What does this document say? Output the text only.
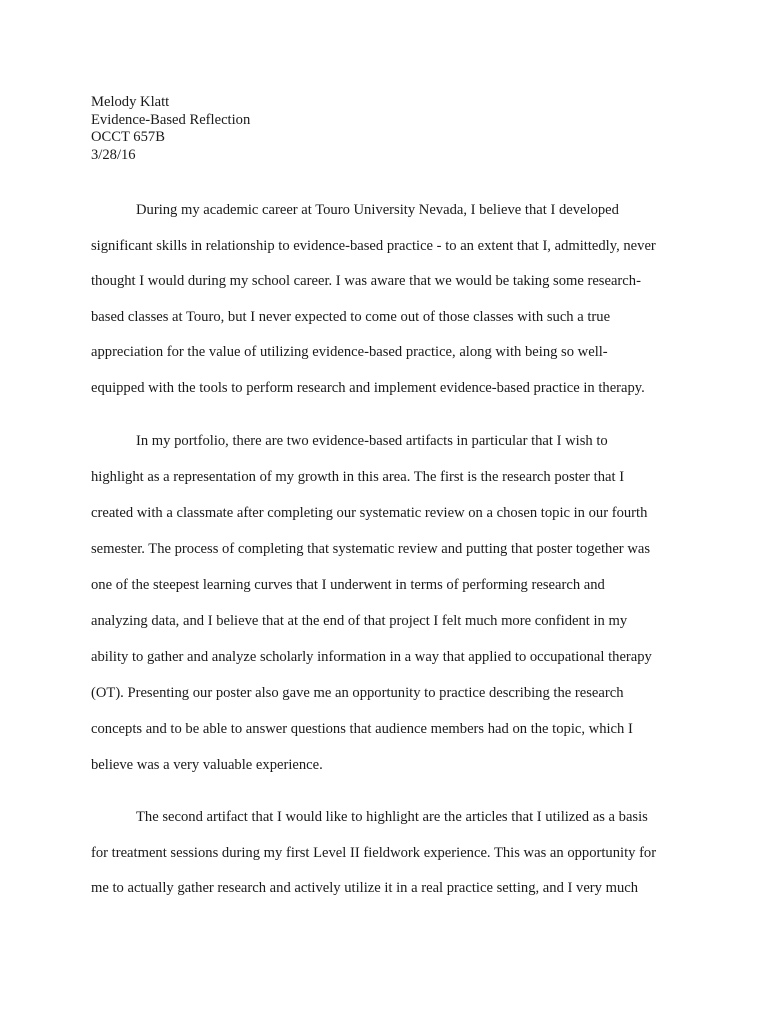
Melody Klatt
Evidence-Based Reflection
OCCT 657B
3/28/16
During my academic career at Touro University Nevada, I believe that I developed
significant skills in relationship to evidence-based practice - to an extent that I, admittedly, never
thought I would during my school career. I was aware that we would be taking some research-
based classes at Touro, but I never expected to come out of those classes with such a true
appreciation for the value of utilizing evidence-based practice, along with being so well-
equipped with the tools to perform research and implement evidence-based practice in therapy.
In my portfolio, there are two evidence-based artifacts in particular that I wish to
highlight as a representation of my growth in this area. The first is the research poster that I
created with a classmate after completing our systematic review on a chosen topic in our fourth
semester. The process of completing that systematic review and putting that poster together was
one of the steepest learning curves that I underwent in terms of performing research and
analyzing data, and I believe that at the end of that project I felt much more confident in my
ability to gather and analyze scholarly information in a way that applied to occupational therapy
(OT). Presenting our poster also gave me an opportunity to practice describing the research
concepts and to be able to answer questions that audience members had on the topic, which I
believe was a very valuable experience.
The second artifact that I would like to highlight are the articles that I utilized as a basis
for treatment sessions during my first Level II fieldwork experience. This was an opportunity for
me to actually gather research and actively utilize it in a real practice setting, and I very much
